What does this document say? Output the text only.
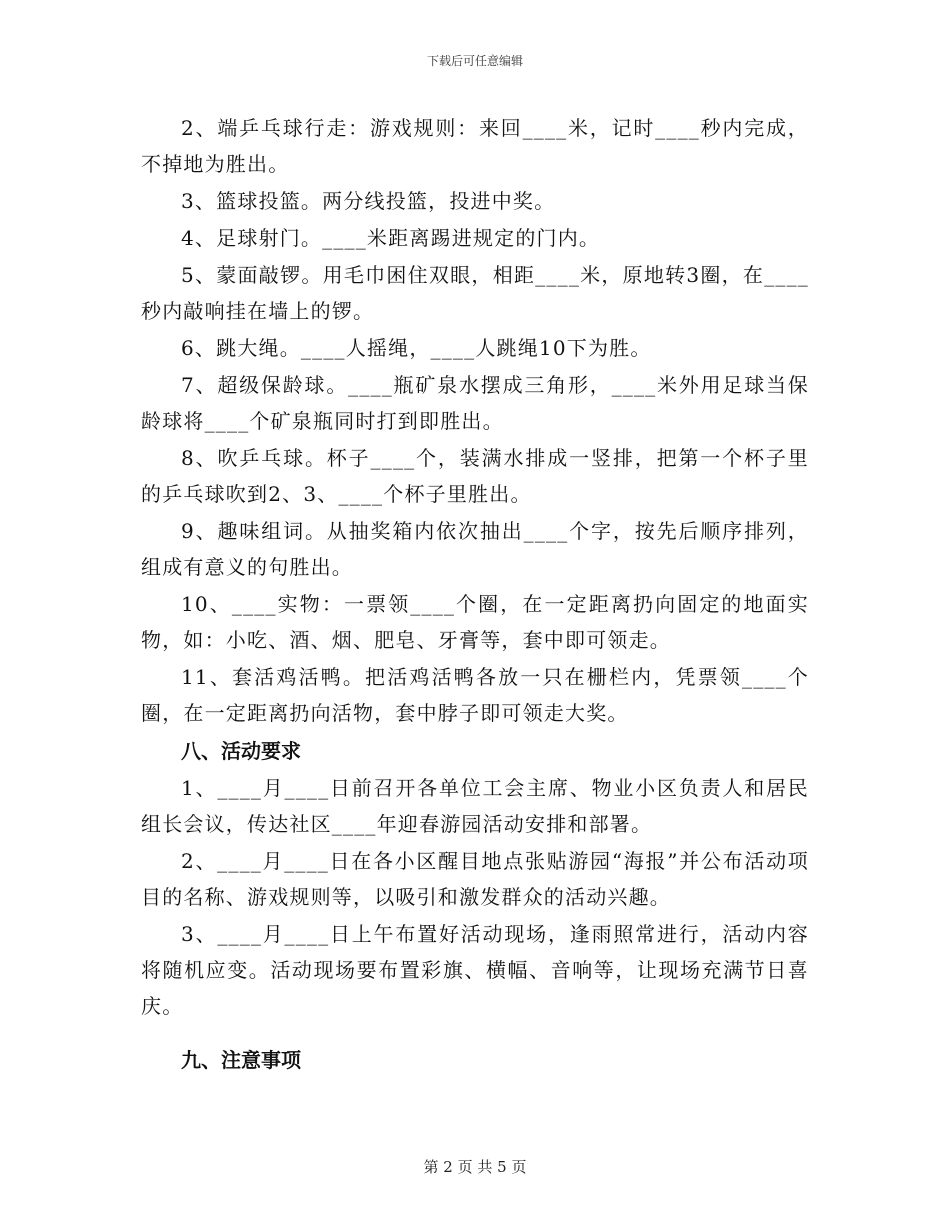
下载后可任意编辑

2、端乒乓球行走：游戏规则：来回____米，记时____秒内完成，不掉地为胜出。

3、篮球投篮。两分线投篮，投进中奖。

4、足球射门。____米距离踢进规定的门内。

5、蒙面敲锣。用毛巾困住双眼，相距____米，原地转3圈，在____秒内敲响挂在墙上的锣。

6、跳大绳。____人摇绳，____人跳绳10下为胜。

7、超级保龄球。____瓶矿泉水摆成三角形，____米外用足球当保龄球将____个矿泉瓶同时打到即胜出。

8、吹乒乓球。杯子____个，装满水排成一竖排，把第一个杯子里的乒乓球吹到2、3、____个杯子里胜出。

9、趣味组词。从抽奖箱内依次抽出____个字，按先后顺序排列，组成有意义的句胜出。

10、____实物：一票领____个圈，在一定距离扔向固定的地面实物，如：小吃、酒、烟、肥皂、牙膏等，套中即可领走。

11、套活鸡活鸭。把活鸡活鸭各放一只在栅栏内，凭票领____个圈，在一定距离扔向活物，套中脖子即可领走大奖。

八、活动要求

1、____月____日前召开各单位工会主席、物业小区负责人和居民组长会议，传达社区____年迎春游园活动安排和部署。

2、____月____日在各小区醒目地点张贴游园“海报”并公布活动项目的名称、游戏规则等，以吸引和激发群众的活动兴趣。

3、____月____日上午布置好活动现场，逢雨照常进行，活动内容将随机应变。活动现场要布置彩旗、横幅、音响等，让现场充满节日喜庆。

九、注意事项

第 2 页 共 5 页
